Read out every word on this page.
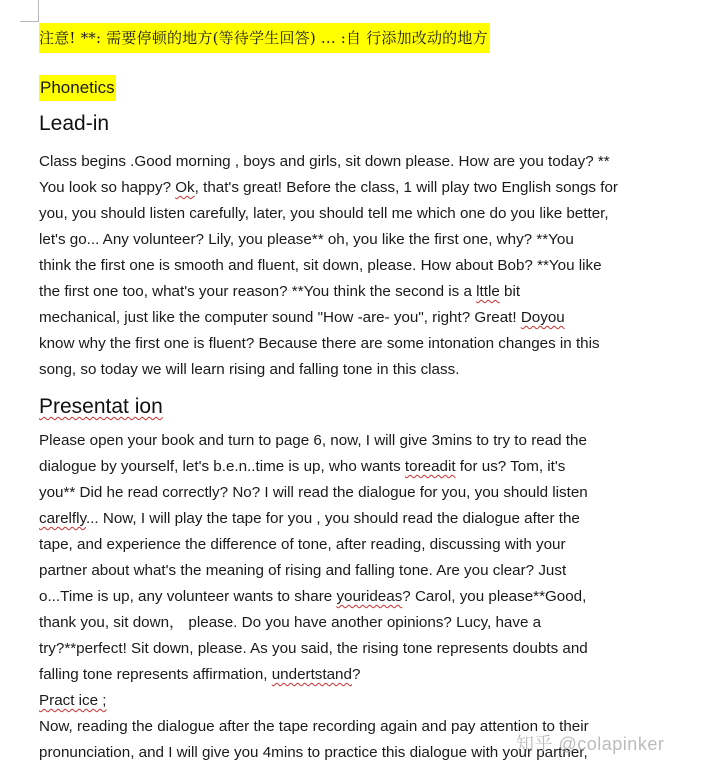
注意! **: 需要停顿的地方(等待学生回答) ... :自 行添加改动的地方
Phonetics
Lead-in

Class begins .Good morning , boys and girls, sit down please. How are you today? **
You look so happy? Ok, that's great! Before the class, 1 will play two English songs for
you, you should listen carefully, later, you should tell me which one do you like better,
let's go... Any volunteer? Lily, you please** oh, you like the first one, why? **You
think the first one is smooth and fluent, sit down, please. How about Bob? **You like
the first one too, what's your reason? **You think the second is a lttle bit
mechanical, just like the computer sound "How -are- you", right? Great! Doyou
know why the first one is fluent? Because there are some intonation changes in this
song, so today we will learn rising and falling tone in this class.

Presentat ion

Please open your book and turn to page 6, now, I will give 3mins to try to read the
dialogue by yourself, let's b.e.n..time is up, who wants toreadit for us? Tom, it's
you** Did he read correctly? No? I will read the dialogue for you, you should listen
carelfly... Now, I will play the tape for you , you should read the dialogue after the
tape, and experience the difference of tone, after reading, discussing with your
partner about what's the meaning of rising and falling tone. Are you clear? Just
o...Time is up, any volunteer wants to share yourideas? Carol, you please**Good,
thank you, sit down， please. Do you have another opinions? Lucy, have a
try?**perfect! Sit down, please. As you said, the rising tone represents doubts and
falling tone represents affirmation, undertstand?

Pract ice ;

Now, reading the dialogue after the tape recording again and pay attention to their
pronunciation, and I will give you 4mins to practice this dialogue with your partner,

知乎 @colapinker
